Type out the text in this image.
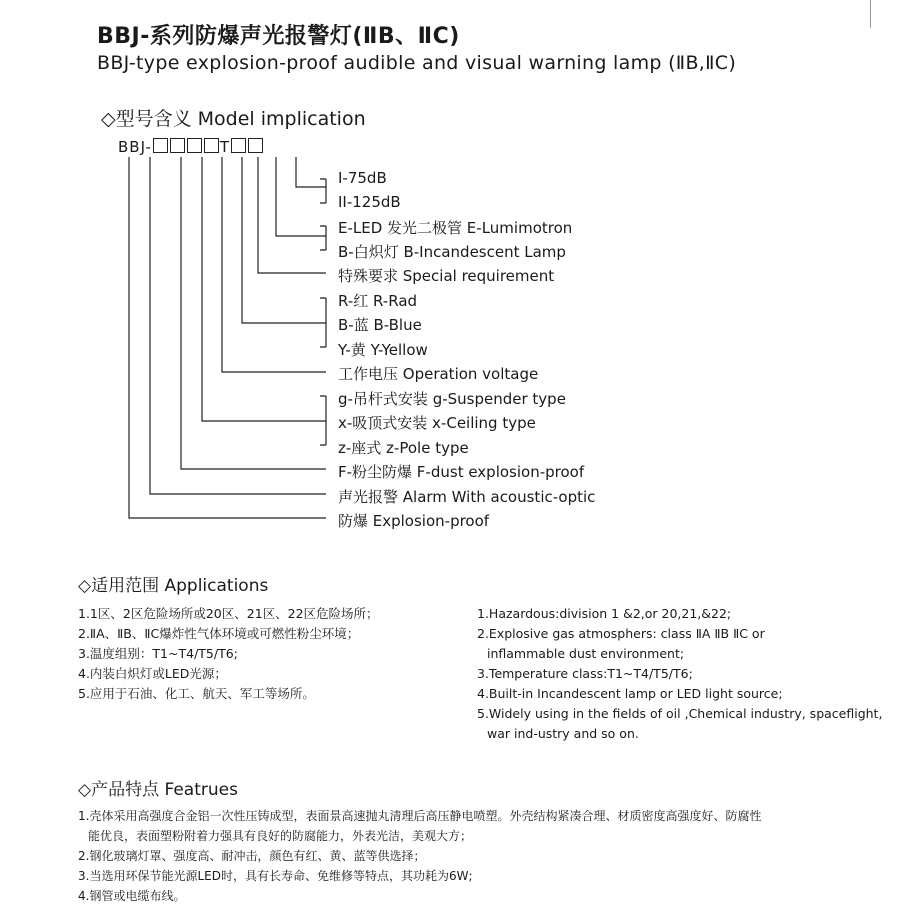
BBJ-系列防爆声光报警灯(ⅡB、ⅡC)
BBJ-type explosion-proof audible and visual warning lamp (ⅡB,ⅡC)
◇型号含义 Model implication
BBJ-	T
I-75dB
II-125dB
E-LED 发光二极管 E-Lumimotron
B-白炽灯 B-Incandescent Lamp
特殊要求 Special requirement
R-红 R-Rad
B-蓝 B-Blue
Y-黄 Y-Yellow
工作电压 Operation voltage
g-吊杆式安装 g-Suspender type
x-吸顶式安装 x-Ceiling type
z-座式 z-Pole type
F-粉尘防爆 F-dust explosion-proof
声光报警 Alarm With acoustic-optic
防爆 Explosion-proof
◇适用范围 Applications
1.1区、2区危险场所或20区、21区、22区危险场所；
2.ⅡA、ⅡB、ⅡC爆炸性气体环境或可燃性粉尘环境；
3.温度组别：T1~T4/T5/T6;
4.内装白炽灯或LED光源；
5.应用于石油、化工、航天、军工等场所。
1.Hazardous:division 1 &2,or 20,21,&22;
2.Explosive gas atmosphers: class ⅡA ⅡB ⅡC or
inflammable dust environment;
3.Temperature class:T1~T4/T5/T6;
4.Built-in Incandescent lamp or LED light source;
5.Widely using in the fields of oil ,Chemical industry, spaceflight,
war ind-ustry and so on.
◇产品特点 Featrues
1.壳体采用高强度合金铝一次性压铸成型，表面景高速抛丸清理后高压静电喷塑。外壳结构紧凑合理、材质密度高强度好、防腐性
能优良，表面塑粉附着力强具有良好的防腐能力，外表光洁，美观大方；
2.钢化玻璃灯罩、强度高、耐冲击，颜色有红、黄、蓝等供选择；
3.当选用环保节能光源LED时，具有长寿命、免维修等特点，其功耗为6W;
4.钢管或电缆布线。
